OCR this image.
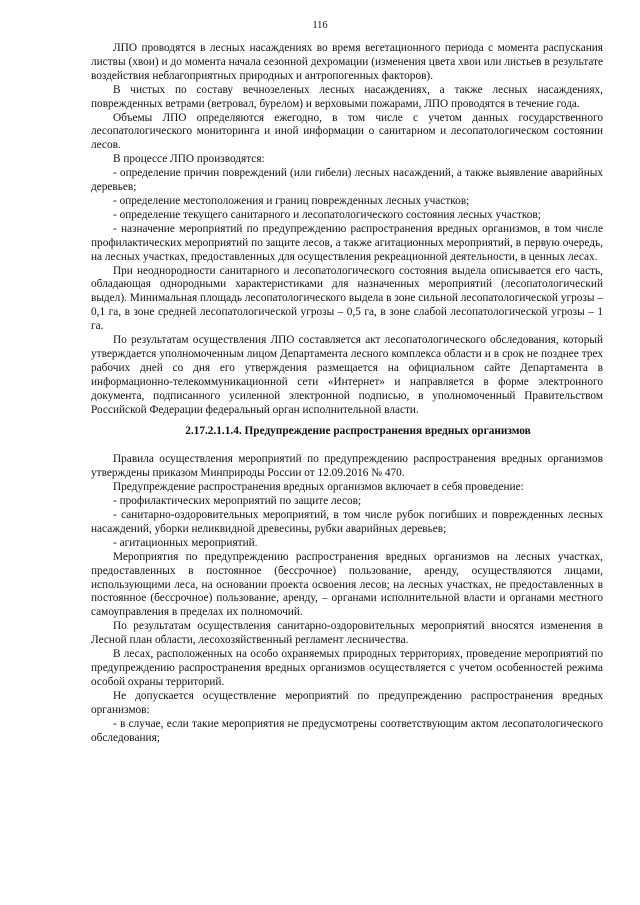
116

ЛПО проводятся в лесных насаждениях во время вегетационного периода с момента распускания листвы (хвои) и до момента начала сезонной дехромации (изменения цвета хвои или листьев в результате воздействия неблагоприятных природных и антропогенных факторов).

В чистых по составу вечнозеленых лесных насаждениях, а также лесных насаждениях, поврежденных ветрами (ветровал, бурелом) и верховыми пожарами, ЛПО проводятся в течение года.

Объемы ЛПО определяются ежегодно, в том числе с учетом данных государственного лесопатологического мониторинга и иной информации о санитарном и лесопатологическом состоянии лесов.

В процессе ЛПО производятся:

- определение причин повреждений (или гибели) лесных насаждений, а также выявление аварийных деревьев;

- определение местоположения и границ поврежденных лесных участков;

- определение текущего санитарного и лесопатологического состояния лесных участков;

- назначение мероприятий по предупреждению распространения вредных организмов, в том числе профилактических мероприятий по защите лесов, а также агитационных мероприятий, в первую очередь, на лесных участках, предоставленных для осуществления рекреационной деятельности, в ценных лесах.

При неоднородности санитарного и лесопатологического состояния выдела описывается его часть, обладающая однородными характеристиками для назначенных мероприятий (лесопатологический выдел). Минимальная площадь лесопатологического выдела в зоне сильной лесопатологической угрозы – 0,1 га, в зоне средней лесопатологической угрозы – 0,5 га, в зоне слабой лесопатологической угрозы – 1 га.

По результатам осуществления ЛПО составляется акт лесопатологического обследования, который утверждается уполномоченным лицом Департамента лесного комплекса области и в срок не позднее трех рабочих дней со дня его утверждения размещается на официальном сайте Департамента в информационно-телекоммуникационной сети «Интернет» и направляется в форме электронного документа, подписанного усиленной электронной подписью, в уполномоченный Правительством Российской Федерации федеральный орган исполнительной власти.

2.17.2.1.1.4. Предупреждение распространения вредных организмов

Правила осуществления мероприятий по предупреждению распространения вредных организмов утверждены приказом Минприроды России от 12.09.2016 № 470.

Предупреждение распространения вредных организмов включает в себя проведение:

- профилактических мероприятий по защите лесов;

- санитарно-оздоровительных мероприятий, в том числе рубок погибших и поврежденных лесных насаждений, уборки неликвидной древесины, рубки аварийных деревьев;

- агитационных мероприятий.

Мероприятия по предупреждению распространения вредных организмов на лесных участках, предоставленных в постоянное (бессрочное) пользование, аренду, осуществляются лицами, использующими леса, на основании проекта освоения лесов; на лесных участках, не предоставленных в постоянное (бессрочное) пользование, аренду, – органами исполнительной власти и органами местного самоуправления в пределах их полномочий.

По результатам осуществления санитарно-оздоровительных мероприятий вносятся изменения в Лесной план области, лесохозяйственный регламент лесничества.

В лесах, расположенных на особо охраняемых природных территориях, проведение мероприятий по предупреждению распространения вредных организмов осуществляется с учетом особенностей режима особой охраны территорий.

Не допускается осуществление мероприятий по предупреждению распространения вредных организмов:

- в случае, если такие мероприятия не предусмотрены соответствующим актом лесопатологического обследования;
